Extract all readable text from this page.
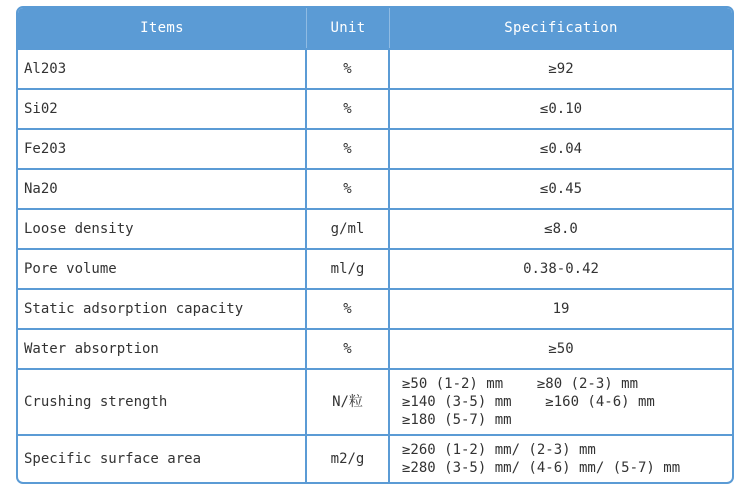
Items	Unit	Specification
Al203	%	≥92
Si02	%	≤0.10
Fe203	%	≤0.04
Na20	%	≤0.45
Loose density	g/ml	≤8.0
Pore volume	ml/g	0.38-0.42
Static adsorption capacity	%	19
Water absorption	%	≥50
Crushing strength	N/粒	≥50 (1-2) mm    ≥80 (2-3) mm
≥140 (3-5) mm    ≥160 (4-6) mm
≥180 (5-7) mm

Specific surface area	m2/g	≥260 (1-2) mm/ (2-3) mm
≥280 (3-5) mm/ (4-6) mm/ (5-7) mm
